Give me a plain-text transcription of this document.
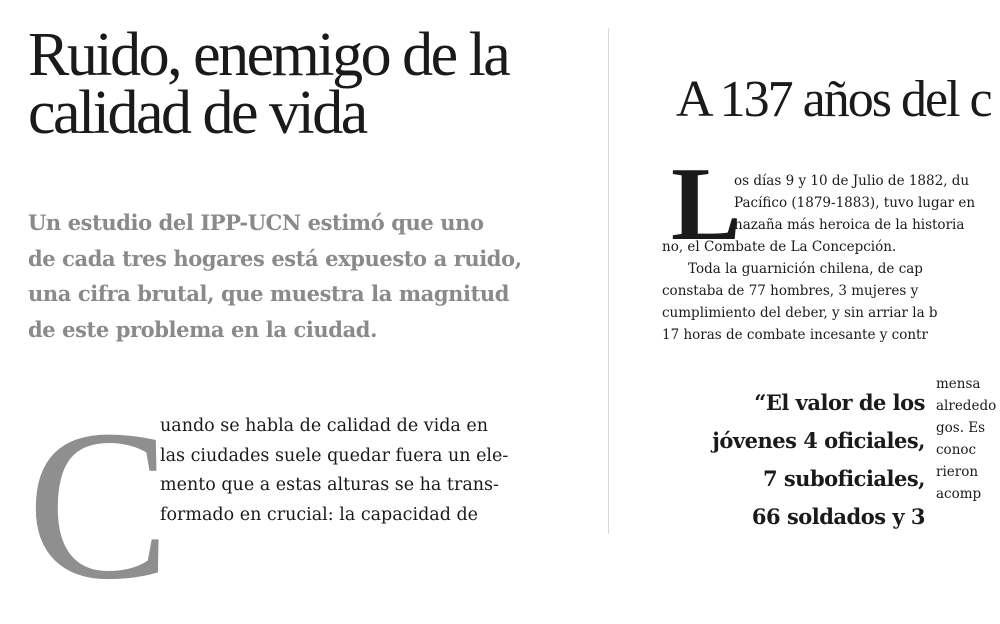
Ruido, enemigo de la calidad de vida

Un estudio del IPP-UCN estimó que uno
de cada tres hogares está expuesto a ruido,
una cifra brutal, que muestra la magnitud
de este problema en la ciudad.

C
uando se habla de calidad de vida en
las ciudades suele quedar fuera un ele-
mento que a estas alturas se ha trans-
formado en crucial: la capacidad de
A 137 años del c
L
os días 9 y 10 de Julio de 1882, du
Pacífico (1879-1883), tuvo lugar en
hazaña más heroica de la historia
no, el Combate de La Concepción.
Toda la guarnición chilena, de cap
constaba de 77 hombres, 3 mujeres y
cumplimiento del deber, y sin arriar la b
17 horas de combate incesante y contr
“El valor de los
jóvenes 4 oficiales,
7 suboficiales,
66 soldados y 3
mensa
alrededo
gos. Es
conoc
rieron
acomp
